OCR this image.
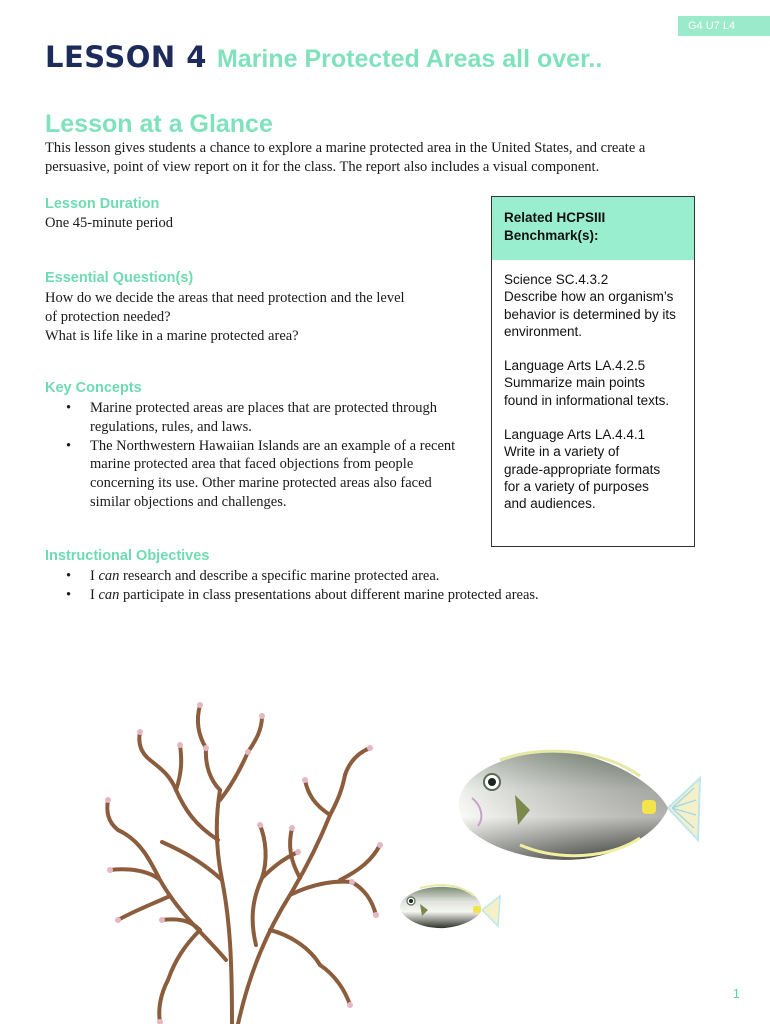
G4 U7 L4
LESSON 4 Marine Protected Areas all over..
Lesson at a Glance
This lesson gives students a chance to explore a marine protected area in the United States, and create a persuasive, point of view report on it for the class. The report also includes a visual component.
Lesson Duration
One 45-minute period
Essential Question(s)
How do we decide the areas that need protection and the level
of protection needed?
What is life like in a marine protected area?
Key Concepts
• Marine protected areas are places that are protected through
regulations, rules, and laws.
• The Northwestern Hawaiian Islands are an example of a recent
marine protected area that faced objections from people
concerning its use. Other marine protected areas also faced
similar objections and challenges.
Related HCPSIII
Benchmark(s):
Science SC.4.3.2
Describe how an organism’s
behavior is determined by its
environment.
Language Arts LA.4.2.5
Summarize main points
found in informational texts.
Language Arts LA.4.4.1
Write in a variety of
grade-appropriate formats
for a variety of purposes
and audiences.
Instructional Objectives
• I can research and describe a specific marine protected area.
• I can participate in class presentations about different marine protected areas.
1
